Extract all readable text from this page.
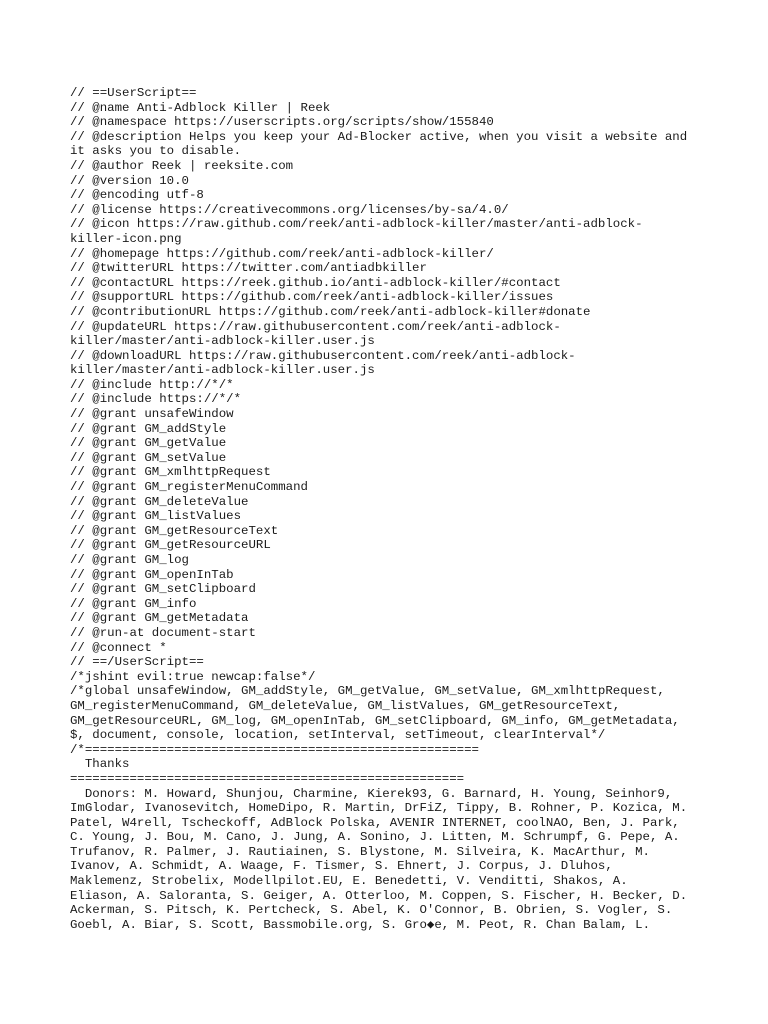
// ==UserScript==
// @name Anti-Adblock Killer | Reek
// @namespace https://userscripts.org/scripts/show/155840
// @description Helps you keep your Ad-Blocker active, when you visit a website and
it asks you to disable.
// @author Reek | reeksite.com
// @version 10.0
// @encoding utf-8
// @license https://creativecommons.org/licenses/by-sa/4.0/
// @icon https://raw.github.com/reek/anti-adblock-killer/master/anti-adblock-
killer-icon.png
// @homepage https://github.com/reek/anti-adblock-killer/
// @twitterURL https://twitter.com/antiadbkiller
// @contactURL https://reek.github.io/anti-adblock-killer/#contact
// @supportURL https://github.com/reek/anti-adblock-killer/issues
// @contributionURL https://github.com/reek/anti-adblock-killer#donate
// @updateURL https://raw.githubusercontent.com/reek/anti-adblock-
killer/master/anti-adblock-killer.user.js
// @downloadURL https://raw.githubusercontent.com/reek/anti-adblock-
killer/master/anti-adblock-killer.user.js
// @include http://*/*
// @include https://*/*
// @grant unsafeWindow
// @grant GM_addStyle
// @grant GM_getValue
// @grant GM_setValue
// @grant GM_xmlhttpRequest
// @grant GM_registerMenuCommand
// @grant GM_deleteValue
// @grant GM_listValues
// @grant GM_getResourceText
// @grant GM_getResourceURL
// @grant GM_log
// @grant GM_openInTab
// @grant GM_setClipboard
// @grant GM_info
// @grant GM_getMetadata
// @run-at document-start
// @connect *
// ==/UserScript==
/*jshint evil:true newcap:false*/
/*global unsafeWindow, GM_addStyle, GM_getValue, GM_setValue, GM_xmlhttpRequest,
GM_registerMenuCommand, GM_deleteValue, GM_listValues, GM_getResourceText,
GM_getResourceURL, GM_log, GM_openInTab, GM_setClipboard, GM_info, GM_getMetadata,
$, document, console, location, setInterval, setTimeout, clearInterval*/
/*=====================================================
Thanks
=====================================================
Donors: M. Howard, Shunjou, Charmine, Kierek93, G. Barnard, H. Young, Seinhor9,
ImGlodar, Ivanosevitch, HomeDipo, R. Martin, DrFiZ, Tippy, B. Rohner, P. Kozica, M.
Patel, W4rell, Tscheckoff, AdBlock Polska, AVENIR INTERNET, coolNAO, Ben, J. Park,
C. Young, J. Bou, M. Cano, J. Jung, A. Sonino, J. Litten, M. Schrumpf, G. Pepe, A.
Trufanov, R. Palmer, J. Rautiainen, S. Blystone, M. Silveira, K. MacArthur, M.
Ivanov, A. Schmidt, A. Waage, F. Tismer, S. Ehnert, J. Corpus, J. Dluhos,
Maklemenz, Strobelix, Modellpilot.EU, E. Benedetti, V. Venditti, Shakos, A.
Eliason, A. Saloranta, S. Geiger, A. Otterloo, M. Coppen, S. Fischer, H. Becker, D.
Ackerman, S. Pitsch, K. Pertcheck, S. Abel, K. O'Connor, B. Obrien, S. Vogler, S.
Goebl, A. Biar, S. Scott, Bassmobile.org, S. Gro◆e, M. Peot, R. Chan Balam, L.
